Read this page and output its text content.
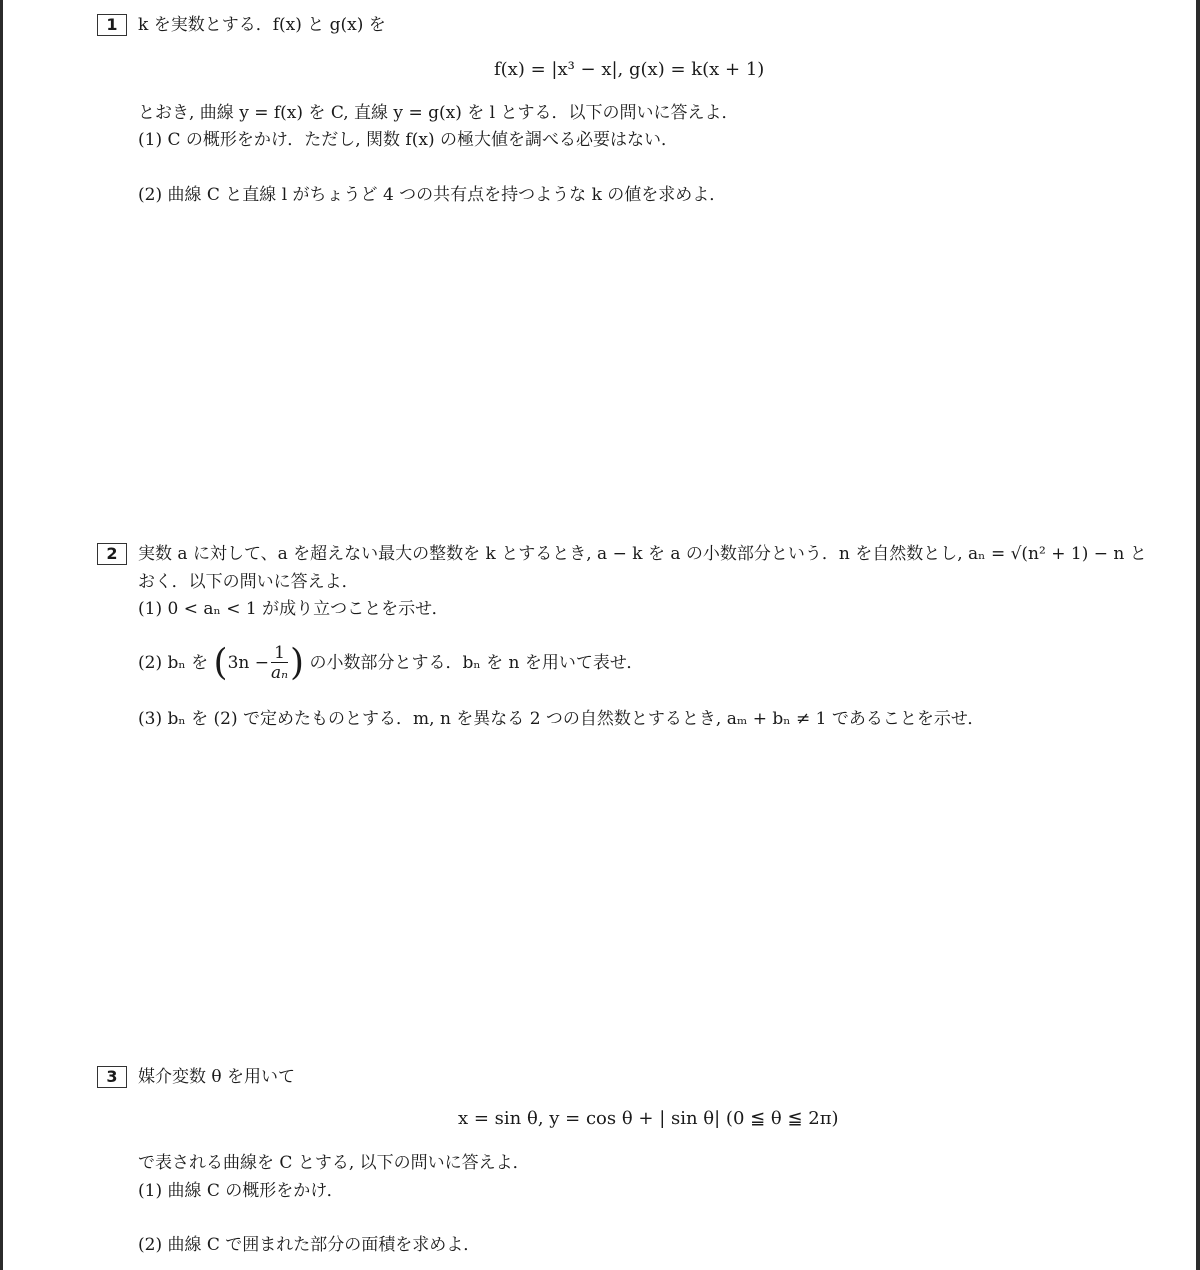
1	k を実数とする．f(x) と g(x) を
f(x) = |x³ − x|, g(x) = k(x + 1)
とおき, 曲線 y = f(x) を C, 直線 y = g(x) を l とする．以下の問いに答えよ．
(1) C の概形をかけ．ただし, 関数 f(x) の極大値を調べる必要はない．
(2) 曲線 C と直線 l がちょうど 4 つの共有点を持つような k の値を求めよ．
2	実数 a に対して、a を超えない最大の整数を k とするとき, a − k を a の小数部分という．n を自然数とし, aₙ = √(n² + 1) − n と
おく．以下の問いに答えよ．
(1) 0 < aₙ < 1 が成り立つことを示せ．
(2) bₙ を ($3n - \frac{1}{\text{aₙ}}$ ) の小数部分とする．bₙ を n を用いて表せ．
(3) bₙ を (2) で定めたものとする．m, n を異なる 2 つの自然数とするとき, aₘ + bₙ ≠ 1 であることを示せ．
3	媒介変数 θ を用いて
x = sin θ, y = cos θ + | sin θ| (0 ≦ θ ≦ 2π)
で表される曲線を C とする, 以下の問いに答えよ．
(1) 曲線 C の概形をかけ．
(2) 曲線 C で囲まれた部分の面積を求めよ．
